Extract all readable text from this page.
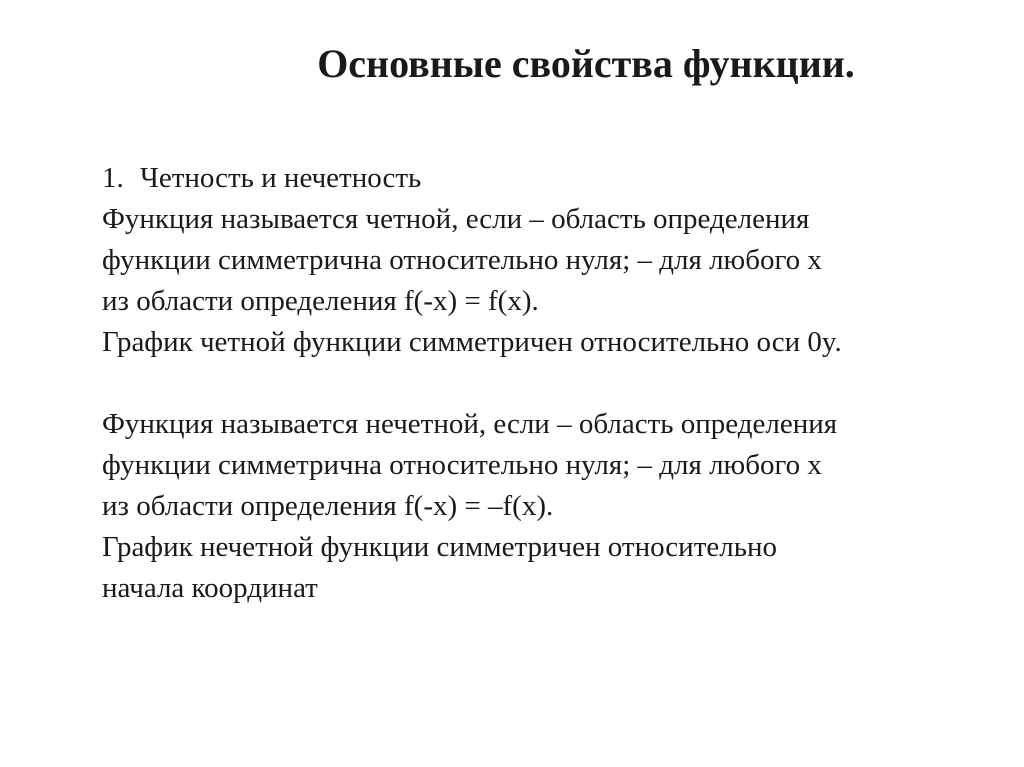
Основные свойства функции.
1. Четность и нечетность

Функция называется четной, если – область определения

функции симметрична относительно нуля; – для любого x

из области определения f(-x) = f(x).

График четной функции симметричен относительно оси 0y.

Функция называется нечетной, если – область определения

функции симметрична относительно нуля; – для любого x

из области определения f(-x) = –f(x).

График нечетной функции симметричен относительно

начала координат
